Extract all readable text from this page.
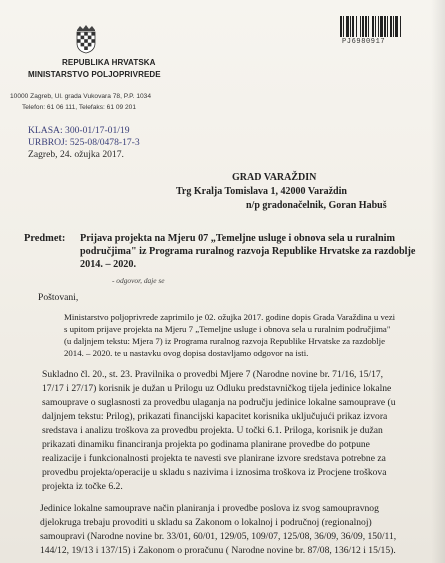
REPUBLIKA HRVATSKA
MINISTARSTVO POLJOPRIVREDE
10000 Zagreb, Ul. grada Vukovara 78, P.P. 1034
Telefon: 61 06 111, Telefaks: 61 09 201
PJ6980917
KLASA: 300-01/17-01/19
URBROJ: 525-08/0478-17-3
Zagreb, 24. ožujka 2017.
GRAD VARAŽDIN
Trg Kralja Tomislava 1, 42000 Varaždin
n/p gradonačelnik, Goran Habuš
Predmet: Prijava projekta na Mjeru 07 „Temeljne usluge i obnova sela u ruralnim
područjima" iz Programa ruralnog razvoja Republike Hrvatske za razdoblje
2014. – 2020.
- odgovor, daje se
Poštovani,
Ministarstvo poljoprivrede zaprimilo je 02. ožujka 2017. godine dopis Grada Varaždina u vezi
s upitom prijave projekta na Mjeru 7 „Temeljne usluge i obnova sela u ruralnim područjima"
(u daljnjem tekstu: Mjera 7) iz Programa ruralnog razvoja Republike Hrvatske za razdoblje
2014. – 2020. te u nastavku ovog dopisa dostavljamo odgovor na isti.
Sukladno čl. 20., st. 23. Pravilnika o provedbi Mjere 7 (Narodne novine br. 71/16, 15/17,
17/17 i 27/17) korisnik je dužan u Prilogu uz Odluku predstavničkog tijela jedinice lokalne
samouprave o suglasnosti za provedbu ulaganja na području jedinice lokalne samouprave (u
daljnjem tekstu: Prilog), prikazati financijski kapacitet korisnika uključujući prikaz izvora
sredstava i analizu troškova za provedbu projekta. U točki 6.1. Priloga, korisnik je dužan
prikazati dinamiku financiranja projekta po godinama planirane provedbe do potpune
realizacije i funkcionalnosti projekta te navesti sve planirane izvore sredstava potrebne za
provedbu projekta/operacije u skladu s nazivima i iznosima troškova iz Procjene troškova
projekta iz točke 6.2.
Jedinice lokalne samouprave način planiranja i provedbe poslova iz svog samoupravnog
djelokruga trebaju provoditi u skladu sa Zakonom o lokalnoj i područnoj (regionalnoj)
samoupravi (Narodne novine br. 33/01, 60/01, 129/05, 109/07, 125/08, 36/09, 36/09, 150/11,
144/12, 19/13 i 137/15) i Zakonom o proračunu ( Narodne novine br. 87/08, 136/12 i 15/15).
